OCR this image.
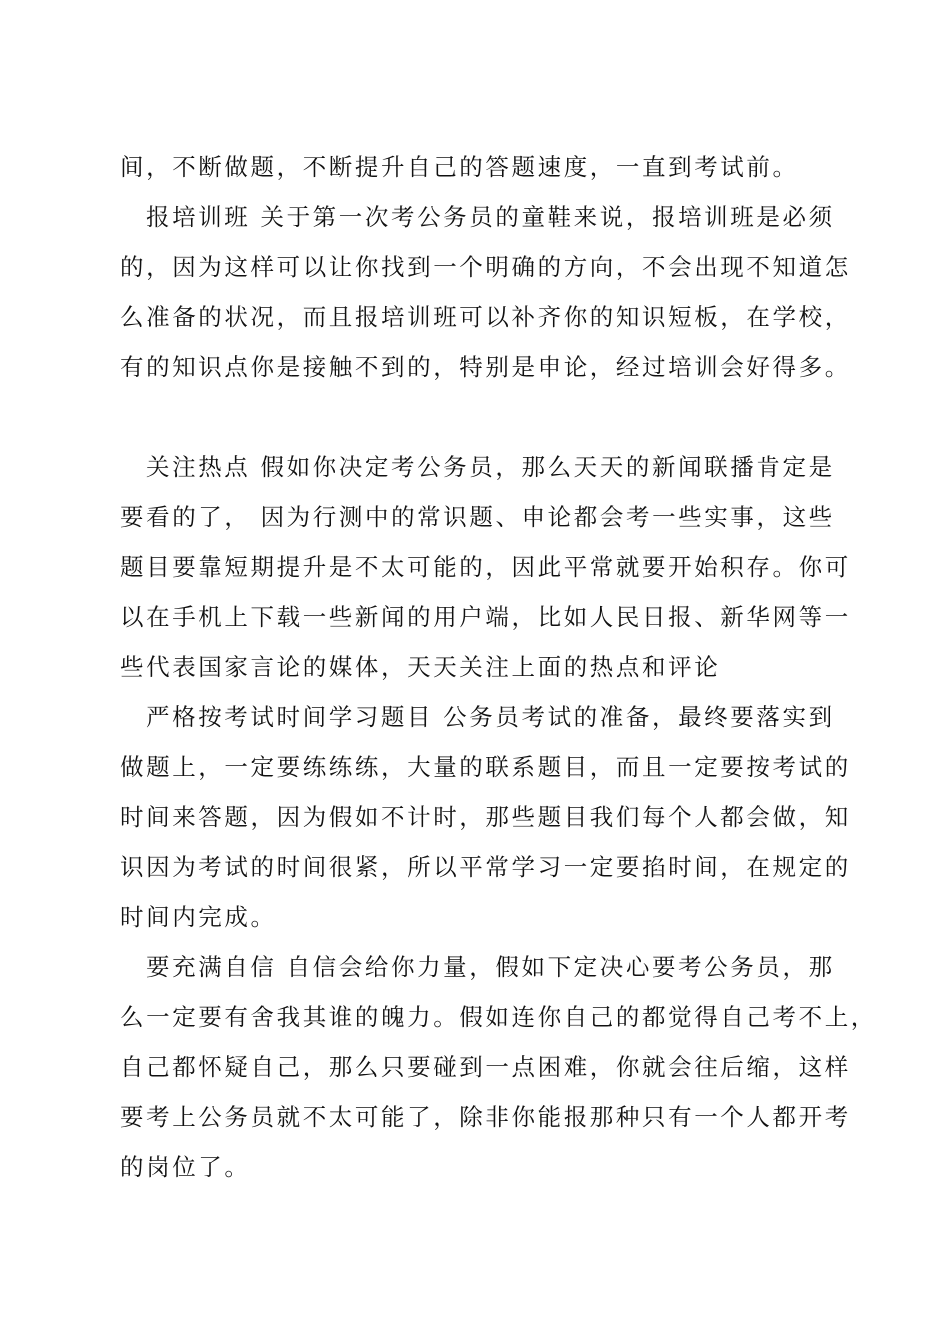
间，不断做题，不断提升自己的答题速度，一直到考试前。
报培训班 关于第一次考公务员的童鞋来说，报培训班是必须
的，因为这样可以让你找到一个明确的方向，不会出现不知道怎
么准备的状况，而且报培训班可以补齐你的知识短板，在学校，
有的知识点你是接触不到的，特别是申论，经过培训会好得多。
关注热点 假如你决定考公务员，那么天天的新闻联播肯定是
要看的了， 因为行测中的常识题、申论都会考一些实事，这些
题目要靠短期提升是不太可能的，因此平常就要开始积存。你可
以在手机上下载一些新闻的用户端，比如人民日报、新华网等一
些代表国家言论的媒体，天天关注上面的热点和评论
严格按考试时间学习题目 公务员考试的准备，最终要落实到
做题上，一定要练练练，大量的联系题目，而且一定要按考试的
时间来答题，因为假如不计时，那些题目我们每个人都会做，知
识因为考试的时间很紧，所以平常学习一定要掐时间，在规定的
时间内完成。
要充满自信 自信会给你力量，假如下定决心要考公务员，那
么一定要有舍我其谁的魄力。假如连你自己的都觉得自己考不上，
自己都怀疑自己，那么只要碰到一点困难，你就会往后缩，这样
要考上公务员就不太可能了，除非你能报那种只有一个人都开考
的岗位了。
